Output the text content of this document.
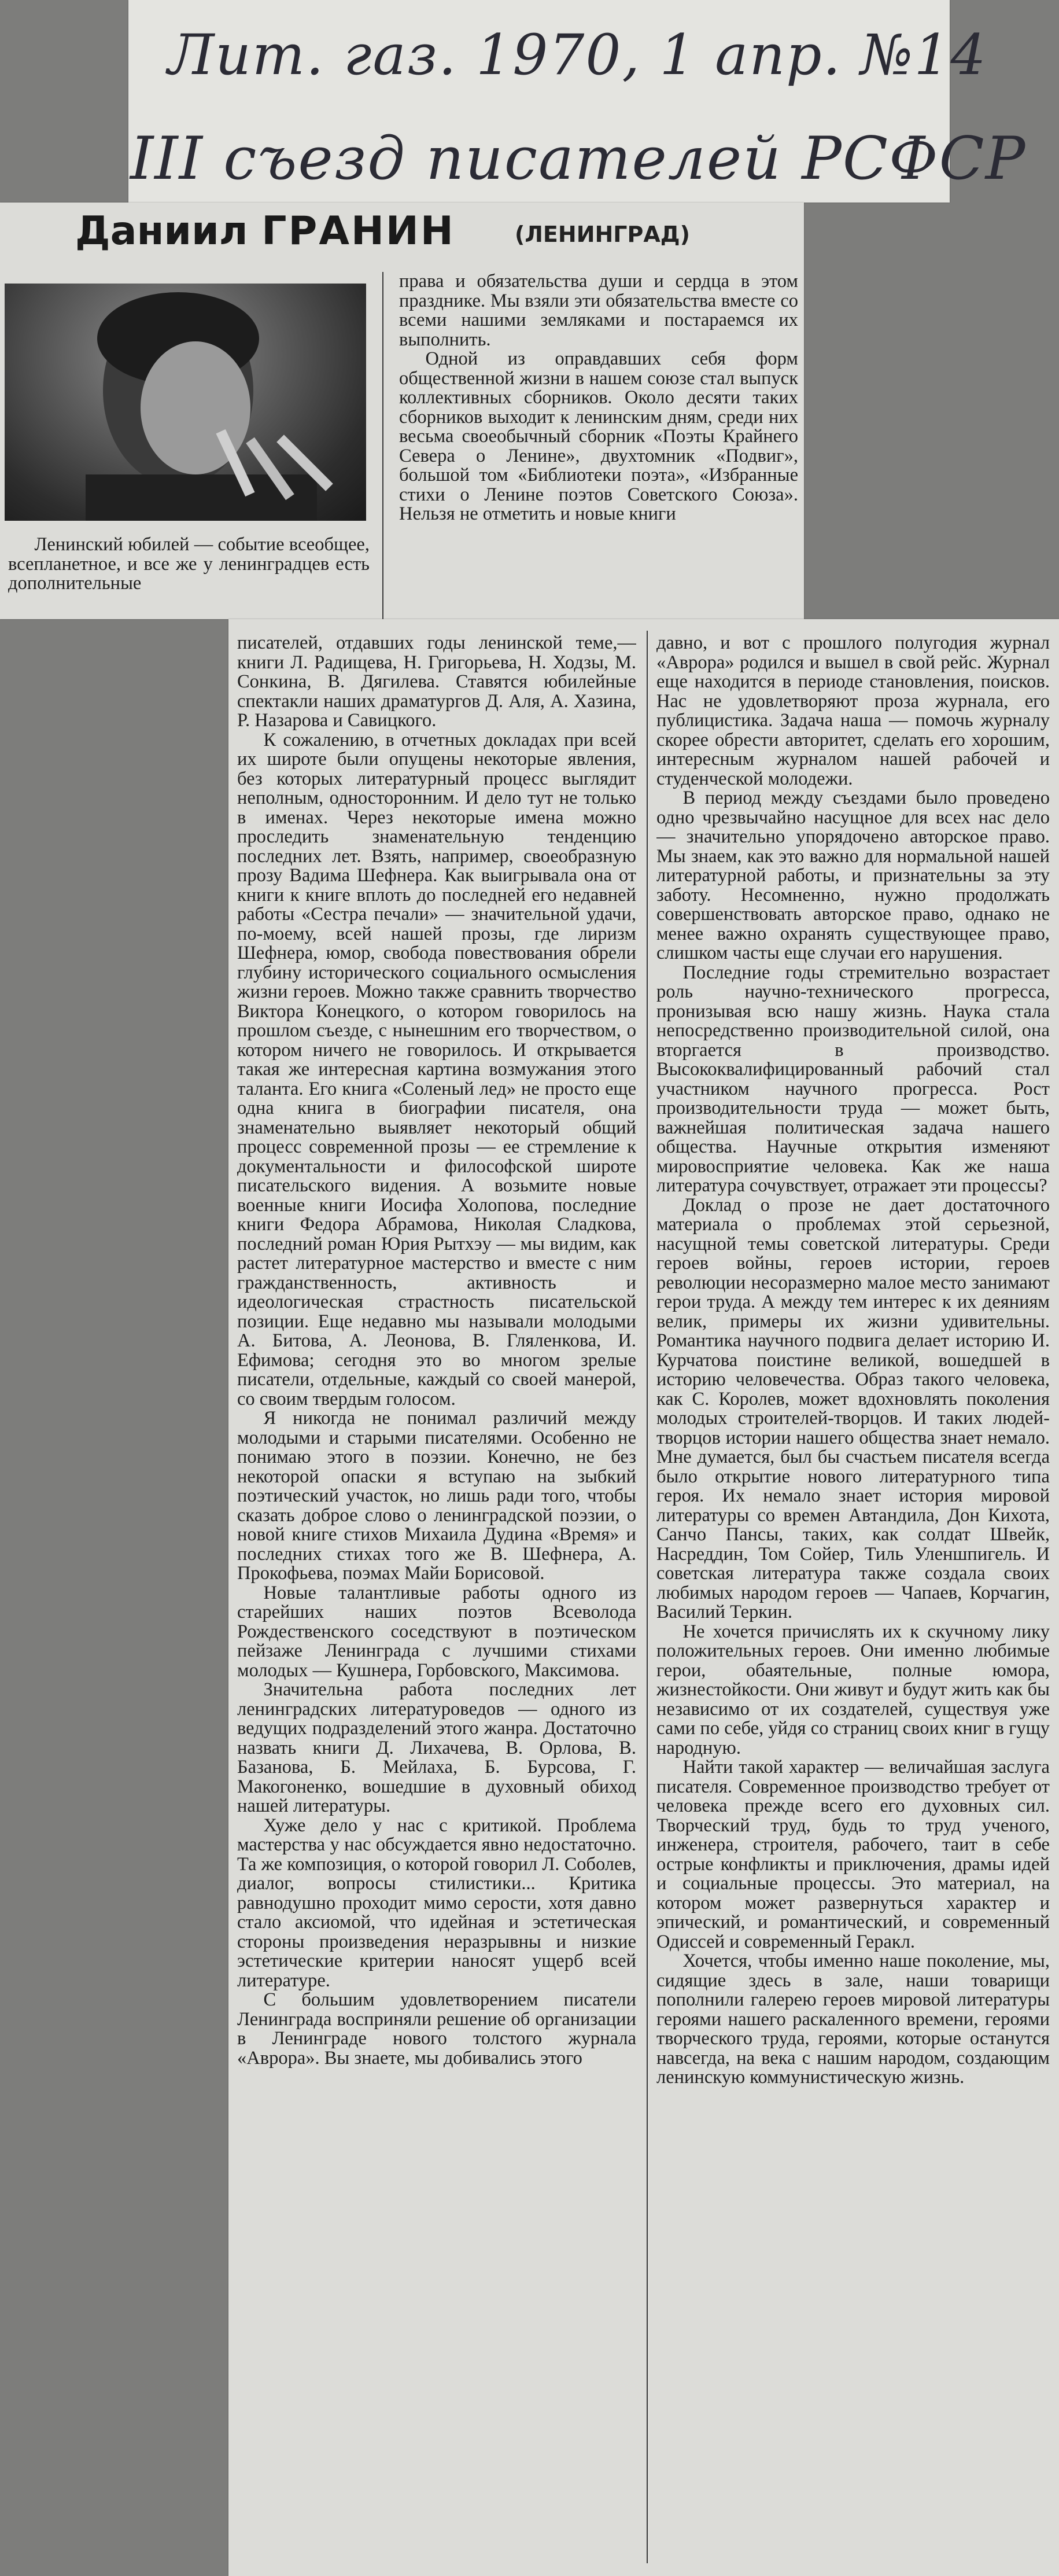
Лит. газ. 1970, 1 апр. №14
III съезд писателей РСФСР
Даниил ГРАНИН	(ЛЕНИНГРАД)

Ленинский юбилей — событие всеобщее, всепланетное, и все же у ленинградцев есть дополнительные

права и обязательства души и сердца в этом празднике. Мы взяли эти обязательства вместе со всеми нашими земляками и постараемся их выполнить.

Одной из оправдавших себя форм общественной жизни в нашем союзе стал выпуск коллективных сборников. Около десяти таких сборников выходит к ленинским дням, среди них весьма своеобычный сборник «Поэты Крайнего Севера о Ленине», двухтомник «Подвиг», большой том «Библиотеки поэта», «Избранные стихи о Ленине поэтов Советского Союза». Нельзя не отметить и новые книги

писателей, отдавших годы ленинской теме,— книги Л. Радищева, Н. Григорьева, Н. Ходзы, М. Сонкина, В. Дягилева. Ставятся юбилейные спектакли наших драматургов Д. Аля, А. Хазина, Р. Назарова и Савицкого.

К сожалению, в отчетных докладах при всей их широте были опущены некоторые явления, без которых литературный процесс выглядит неполным, односторонним. И дело тут не только в именах. Через некоторые имена можно проследить знаменательную тенденцию последних лет. Взять, например, своеобразную прозу Вадима Шефнера. Как выигрывала она от книги к книге вплоть до последней его недавней работы «Сестра печали» — значительной удачи, по-моему, всей нашей прозы, где лиризм Шефнера, юмор, свобода повествования обрели глубину исторического социального осмысления жизни героев. Можно также сравнить творчество Виктора Конецкого, о котором говорилось на прошлом съезде, с нынешним его творчеством, о котором ничего не говорилось. И открывается такая же интересная картина возмужания этого таланта. Его книга «Соленый лед» не просто еще одна книга в биографии писателя, она знаменательно выявляет некоторый общий процесс современной прозы — ее стремление к документальности и философской широте писательского видения. А возьмите новые военные книги Иосифа Холопова, последние книги Федора Абрамова, Николая Сладкова, последний роман Юрия Рытхэу — мы видим, как растет литературное мастерство и вместе с ним гражданственность, активность и идеологическая страстность писательской позиции. Еще недавно мы называли молодыми А. Битова, А. Леонова, В. Гляленкова, И. Ефимова; сегодня это во многом зрелые писатели, отдельные, каждый со своей манерой, со своим твердым голосом.

Я никогда не понимал различий между молодыми и старыми писателями. Особенно не понимаю этого в поэзии. Конечно, не без некоторой опаски я вступаю на зыбкий поэтический участок, но лишь ради того, чтобы сказать доброе слово о ленинградской поэзии, о новой книге стихов Михаила Дудина «Время» и последних стихах того же В. Шефнера, А. Прокофьева, поэмах Майи Борисовой.

Новые талантливые работы одного из старейших наших поэтов Всеволода Рождественского соседствуют в поэтическом пейзаже Ленинграда с лучшими стихами молодых — Кушнера, Горбовского, Максимова.

Значительна работа последних лет ленинградских литературоведов — одного из ведущих подразделений этого жанра. Достаточно назвать книги Д. Лихачева, В. Орлова, В. Базанова, Б. Мейлаха, Б. Бурсова, Г. Макогоненко, вошедшие в духовный обиход нашей литературы.

Хуже дело у нас с критикой. Проблема мастерства у нас обсуждается явно недостаточно. Та же композиция, о которой говорил Л. Соболев, диалог, вопросы стилистики... Критика равнодушно проходит мимо серости, хотя давно стало аксиомой, что идейная и эстетическая стороны произведения неразрывны и низкие эстетические критерии наносят ущерб всей литературе.

С большим удовлетворением писатели Ленинграда восприняли решение об организации в Ленинграде нового толстого журнала «Аврора». Вы знаете, мы добивались этого

давно, и вот с прошлого полугодия журнал «Аврора» родился и вышел в свой рейс. Журнал еще находится в периоде становления, поисков. Нас не удовлетворяют проза журнала, его публицистика. Задача наша — помочь журналу скорее обрести авторитет, сделать его хорошим, интересным журналом нашей рабочей и студенческой молодежи.

В период между съездами было проведено одно чрезвычайно насущное для всех нас дело — значительно упорядочено авторское право. Мы знаем, как это важно для нормальной нашей литературной работы, и признательны за эту заботу. Несомненно, нужно продолжать совершенствовать авторское право, однако не менее важно охранять существующее право, слишком часты еще случаи его нарушения.

Последние годы стремительно возрастает роль научно-технического прогресса, пронизывая всю нашу жизнь. Наука стала непосредственно производительной силой, она вторгается в производство. Высококвалифицированный рабочий стал участником научного прогресса. Рост производительности труда — может быть, важнейшая политическая задача нашего общества. Научные открытия изменяют мировосприятие человека. Как же наша литература сочувствует, отражает эти процессы?

Доклад о прозе не дает достаточного материала о проблемах этой серьезной, насущной темы советской литературы. Среди героев войны, героев истории, героев революции несоразмерно малое место занимают герои труда. А между тем интерес к их деяниям велик, примеры их жизни удивительны. Романтика научного подвига делает историю И. Курчатова поистине великой, вошедшей в историю человечества. Образ такого человека, как С. Королев, может вдохновлять поколения молодых строителей-творцов. И таких людей-творцов истории нашего общества знает немало. Мне думается, был бы счастьем писателя всегда было открытие нового литературного типа героя. Их немало знает история мировой литературы со времен Автандила, Дон Кихота, Санчо Пансы, таких, как солдат Швейк, Насреддин, Том Сойер, Тиль Уленшпигель. И советская литература также создала своих любимых народом героев — Чапаев, Корчагин, Василий Теркин.

Не хочется причислять их к скучному лику положительных героев. Они именно любимые герои, обаятельные, полные юмора, жизнестойкости. Они живут и будут жить как бы независимо от их создателей, существуя уже сами по себе, уйдя со страниц своих книг в гущу народную.

Найти такой характер — величайшая заслуга писателя. Современное производство требует от человека прежде всего его духовных сил. Творческий труд, будь то труд ученого, инженера, строителя, рабочего, таит в себе острые конфликты и приключения, драмы идей и социальные процессы. Это материал, на котором может развернуться характер и эпический, и романтический, и современный Одиссей и современный Геракл.

Хочется, чтобы именно наше поколение, мы, сидящие здесь в зале, наши товарищи пополнили галерею героев мировой литературы героями нашего раскаленного времени, героями творческого труда, героями, которые останутся навсегда, на века с нашим народом, создающим ленинскую коммунистическую жизнь.
